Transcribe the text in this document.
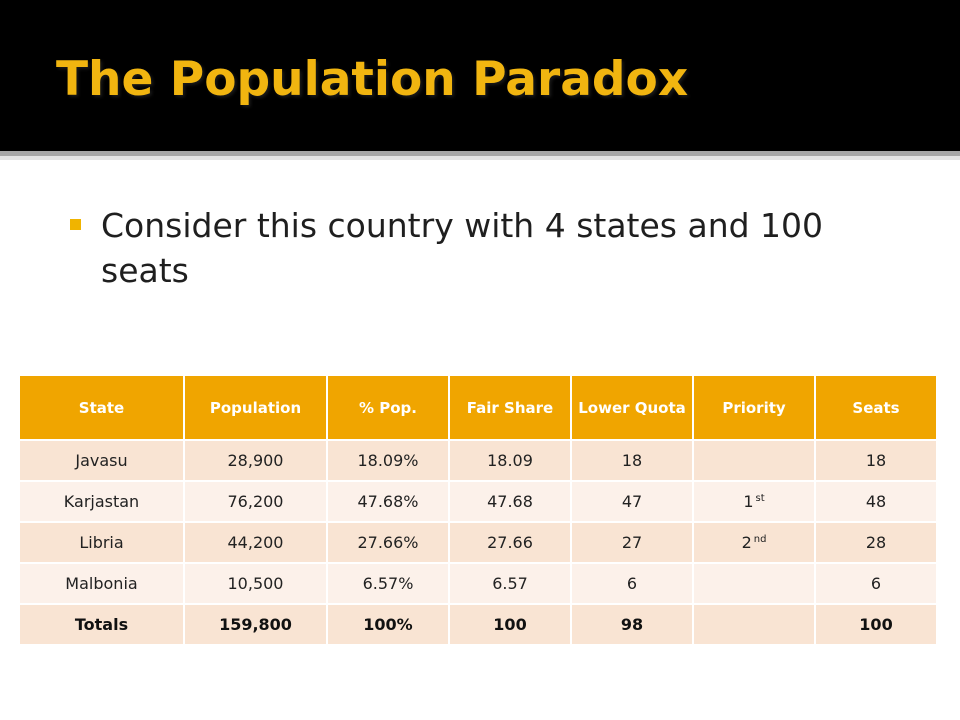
The Population Paradox
Consider this country with 4 states and 100 seats
State	Population	% Pop.	Fair Share	Lower Quota	Priority	Seats
Javasu	28,900	18.09%	18.09	18		18
Karjastan	76,200	47.68%	47.68	47	1 $^{st}$	48
Libria	44,200	27.66%	27.66	27	2 $^{nd}$	28
Malbonia	10,500	6.57%	6.57	6		6
Totals	159,800	100%	100	98		100
